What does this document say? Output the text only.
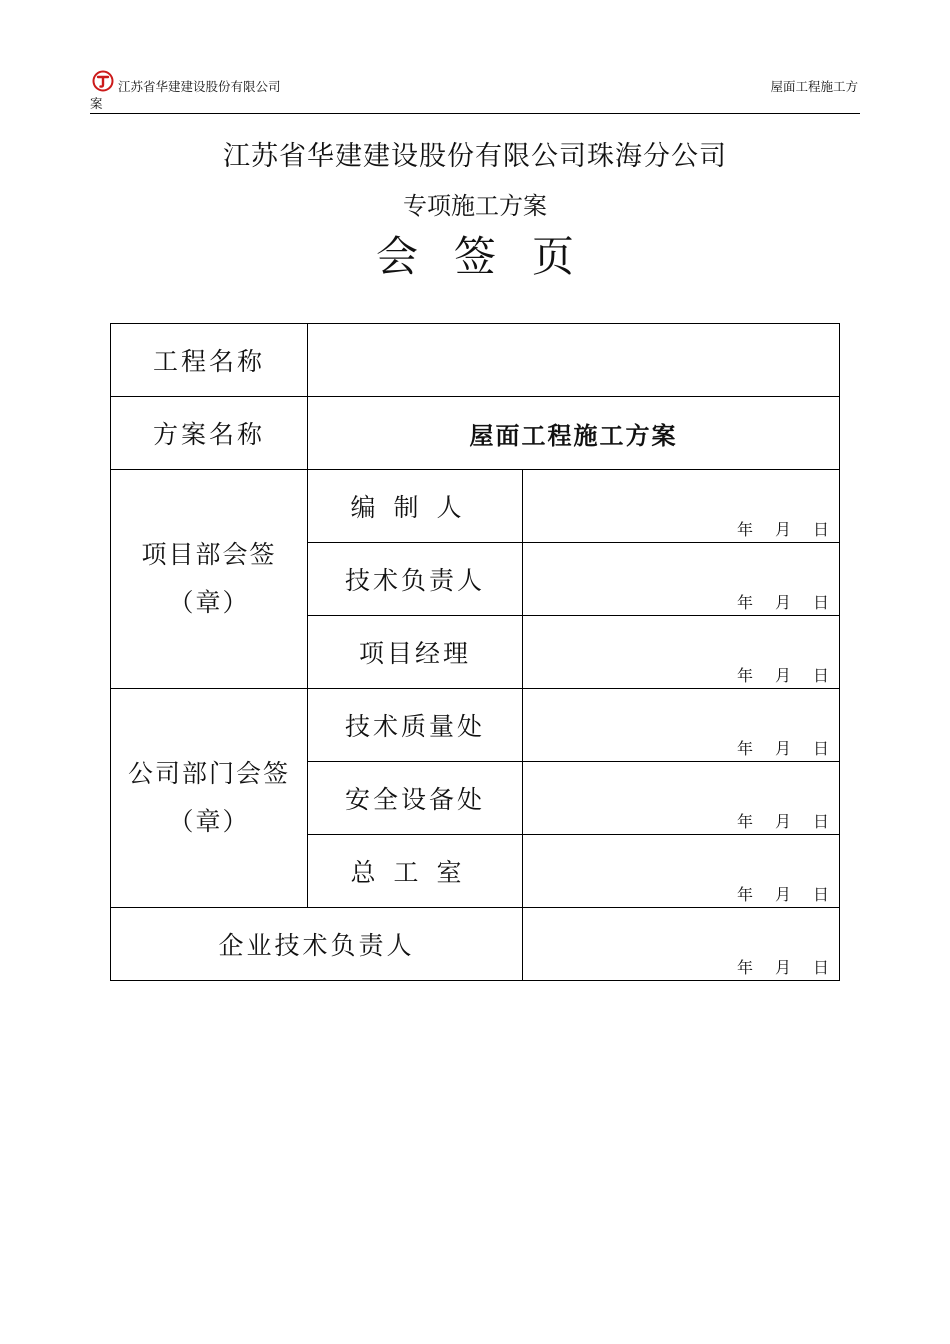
江苏省华建建设股份有限公司
案
屋面工程施工方
江苏省华建建设股份有限公司珠海分公司
专项施工方案
会签页
工程名称		
方案名称	屋面工程施工方案	

项目部会签
（章）	编制人	年 月 日

	技术负责人	年 月 日

	项目经理	年 月 日

公司部门会签
（章）	技术质量处	年 月 日

	安全设备处	年 月 日

	总工室	年 月 日

企业技术负责人		年 月 日
